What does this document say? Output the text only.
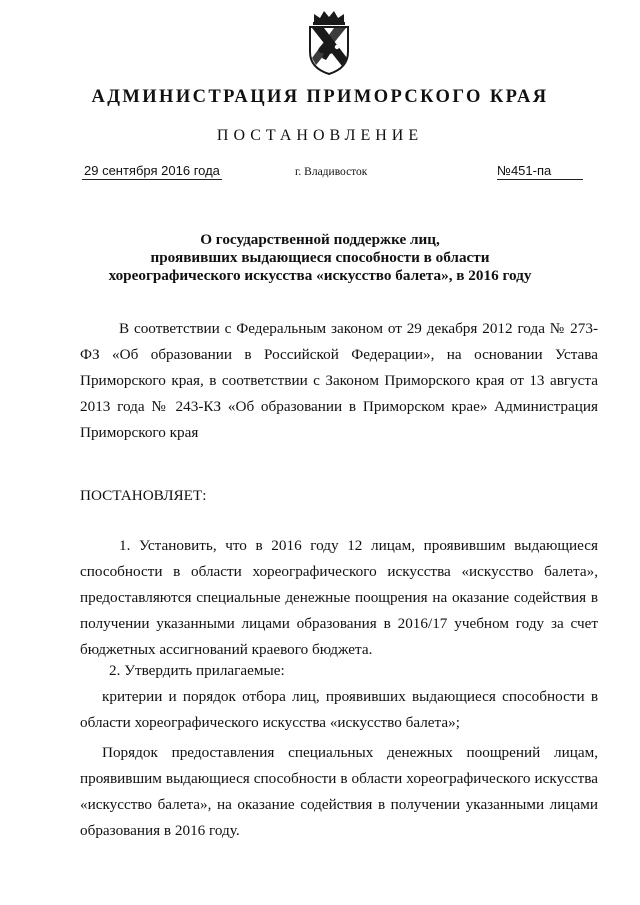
АДМИНИСТРАЦИЯ ПРИМОРСКОГО КРАЯ
ПОСТАНОВЛЕНИЕ
29 сентября 2016 года	г. Владивосток	№451-па
О государственной поддержке лиц,
проявивших выдающиеся способности в области
хореографического искусства «искусство балета», в 2016 году
В соответствии с Федеральным законом от 29 декабря 2012 года № 273-ФЗ «Об образовании в Российской Федерации», на основании Устава Приморского края, в соответствии с Законом Приморского края от 13 августа 2013 года № 243-КЗ «Об образовании в Приморском крае» Администрация Приморского края
ПОСТАНОВЛЯЕТ:
1. Установить, что в 2016 году 12 лицам, проявившим выдающиеся способности в области хореографического искусства «искусство балета», предоставляются специальные денежные поощрения на оказание содействия в получении указанными лицами образования в 2016/17 учебном году за счет бюджетных ассигнований краевого бюджета.
2. Утвердить прилагаемые:
критерии и порядок отбора лиц, проявивших выдающиеся способности в области хореографического искусства «искусство балета»;
Порядок предоставления специальных денежных поощрений лицам, проявившим выдающиеся способности в области хореографического искусства «искусство балета», на оказание содействия в получении указанными лицами образования в 2016 году.
